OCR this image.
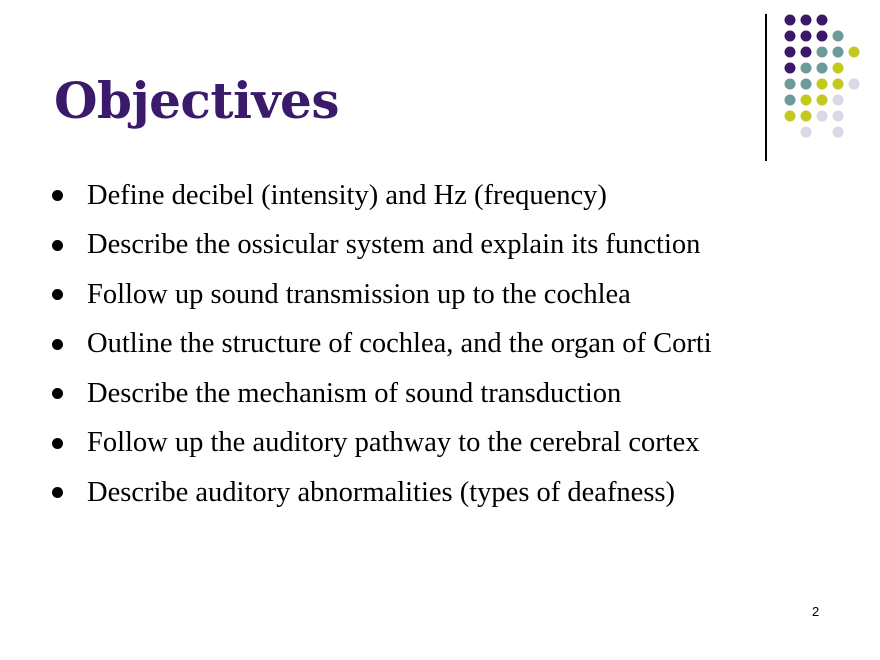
Objectives
Define decibel (intensity) and Hz (frequency)
Describe the ossicular system and explain its function
Follow up sound transmission up to the cochlea
Outline the structure of cochlea, and the organ of Corti
Describe the mechanism of sound transduction
Follow up the auditory pathway to the cerebral cortex
Describe auditory abnormalities (types of deafness)
2
